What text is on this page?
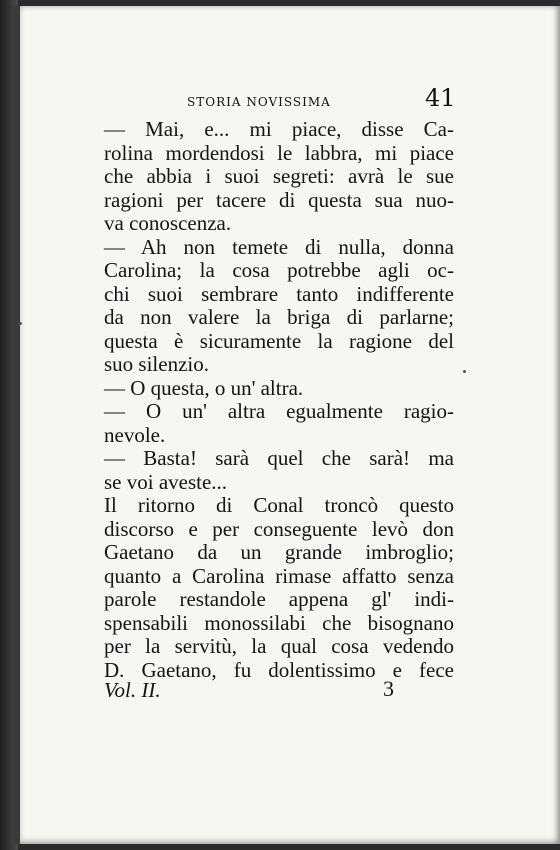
STORIA NOVISSIMA	41
— Mai, e... mi piace, disse Ca-
rolina mordendosi le labbra, mi piace
che abbia i suoi segreti: avrà le sue
ragioni per tacere di questa sua nuo-
va conoscenza.
— Ah non temete di nulla, donna
Carolina; la cosa potrebbe agli oc-
chi suoi sembrare tanto indifferente
da non valere la briga di parlarne;
questa è sicuramente la ragione del
suo silenzio.
— O questa, o un' altra.
— O un' altra egualmente ragio-
nevole.
— Basta! sarà quel che sarà! ma
se voi aveste...
Il ritorno di Conal troncò questo
discorso e per conseguente levò don
Gaetano da un grande imbroglio;
quanto a Carolina rimase affatto senza
parole restandole appena gl' indi-
spensabili monossilabi che bisognano
per la servitù, la qual cosa vedendo
D. Gaetano, fu dolentissimo e fece
Vol. II.	3
